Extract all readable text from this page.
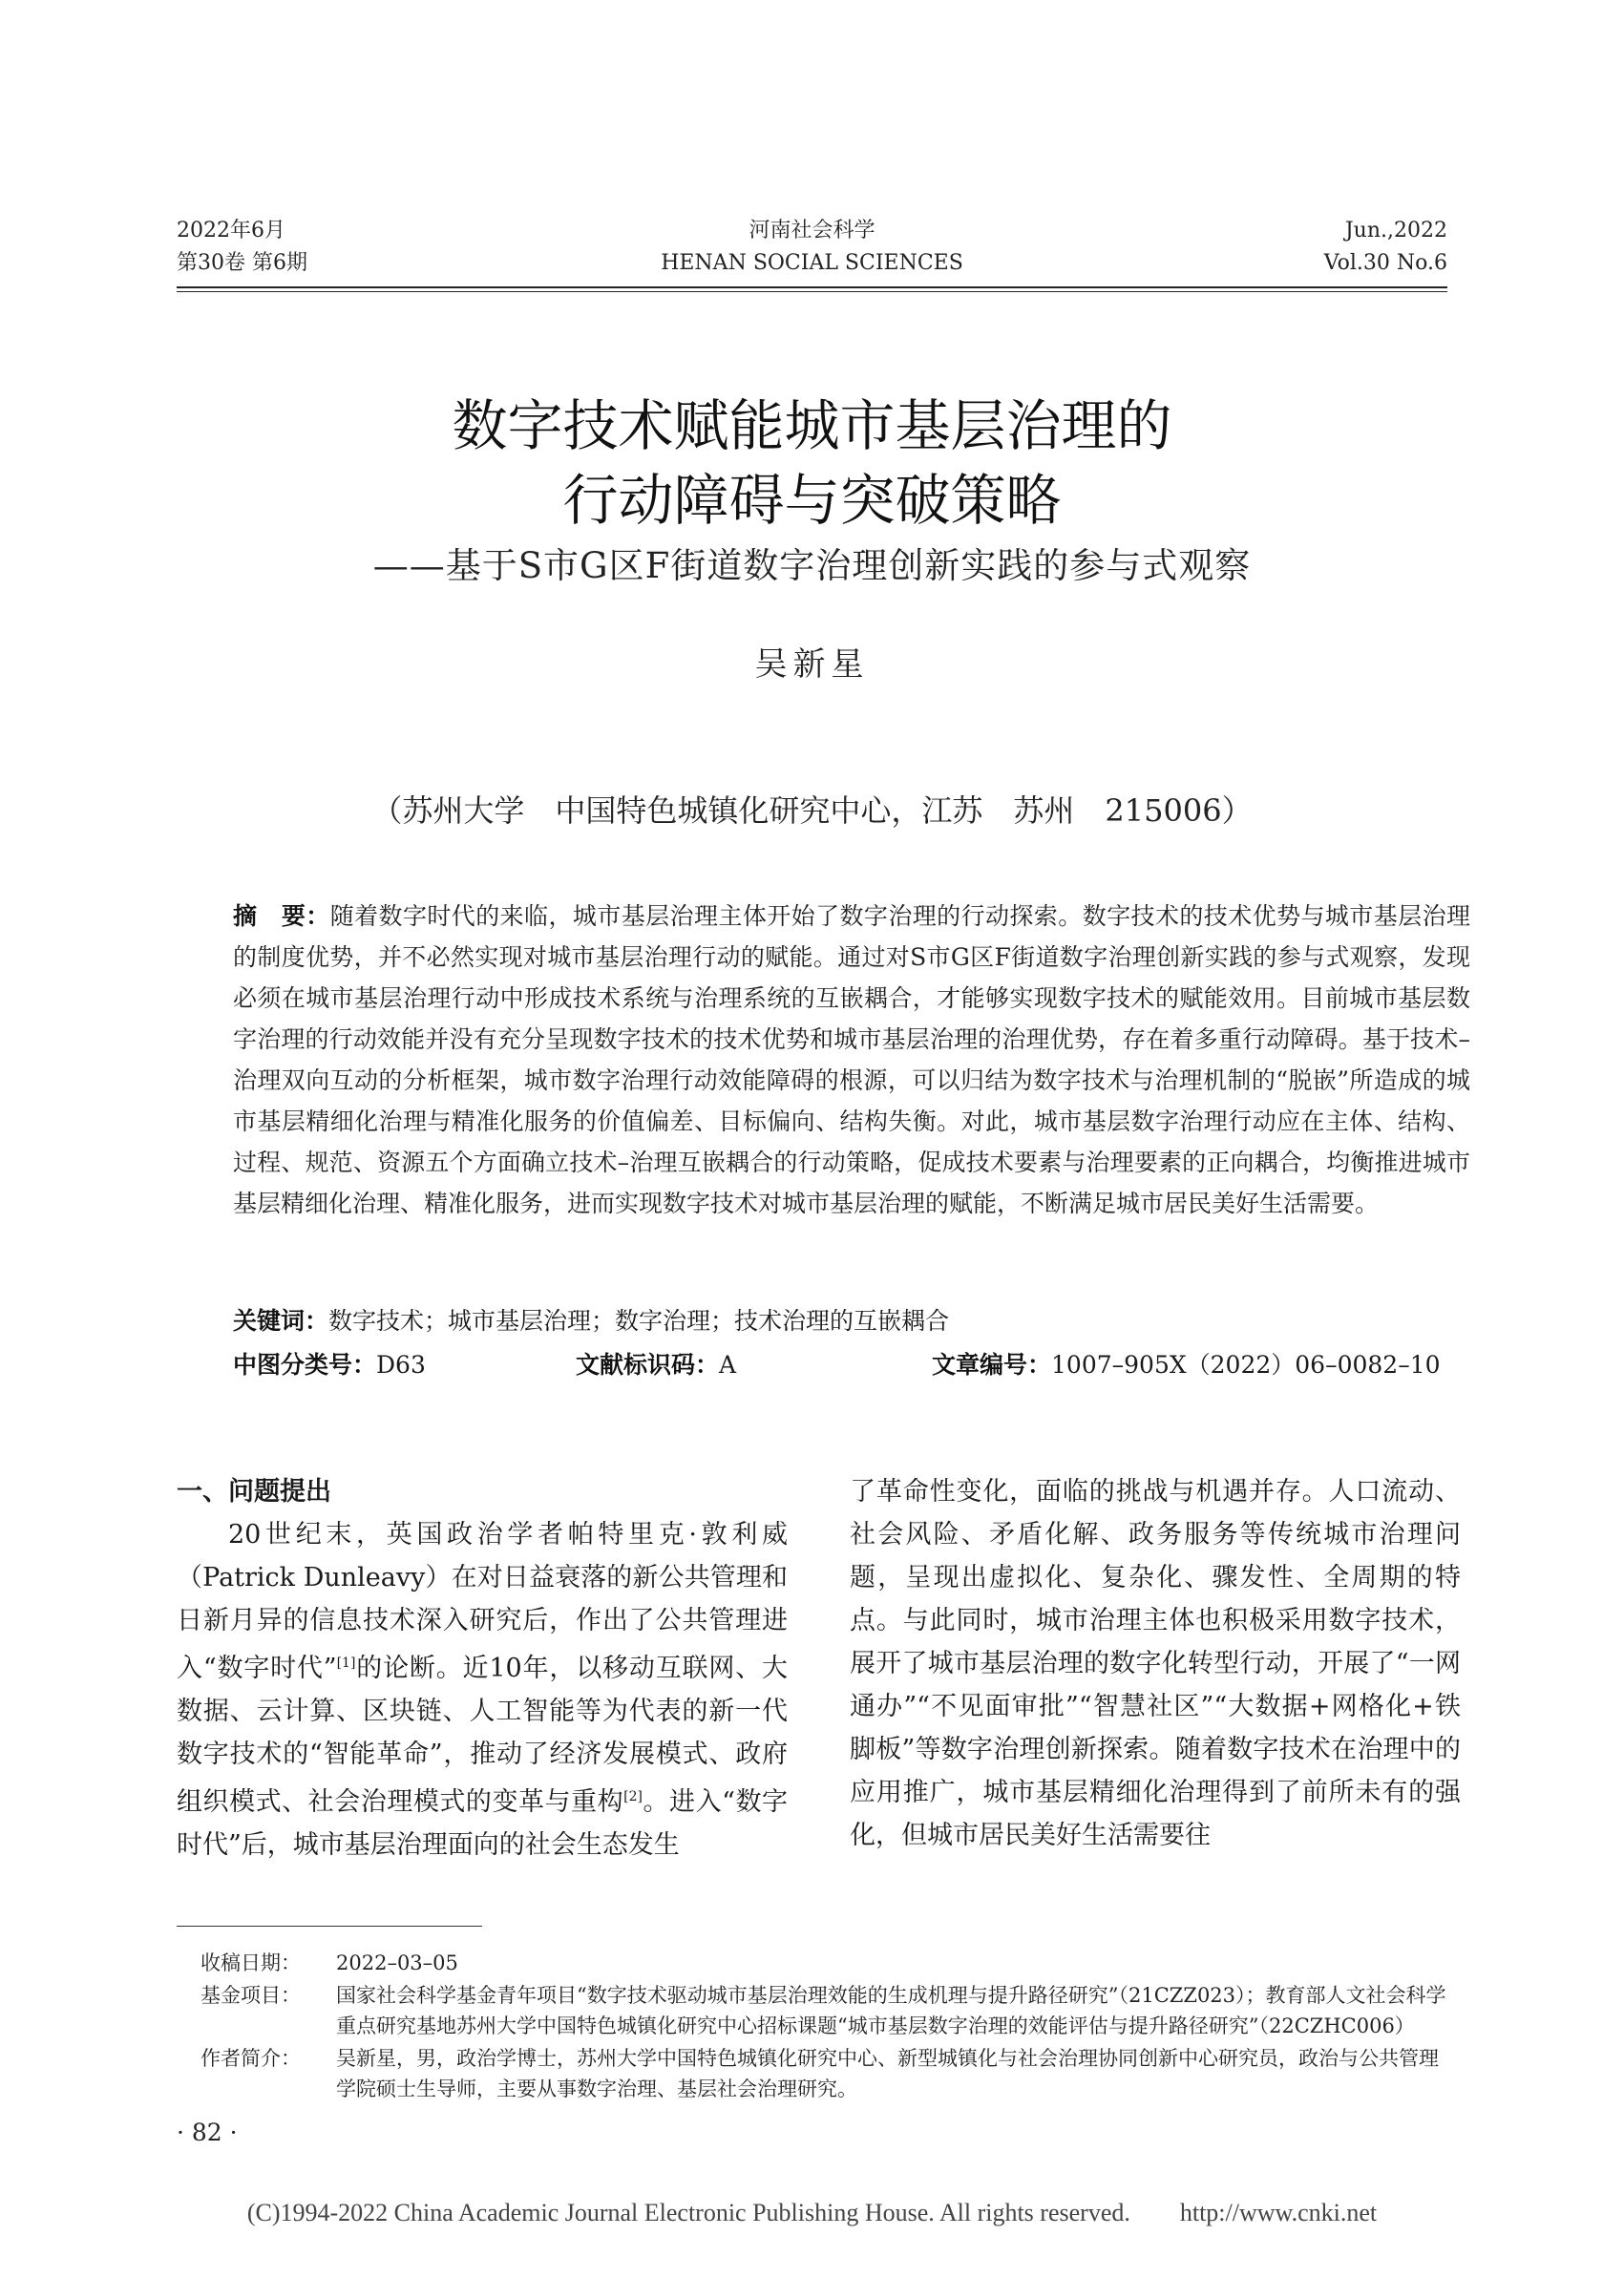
2022年6月
第30卷 第6期
河南社会科学
HENAN SOCIAL SCIENCES
Jun.,2022
Vol.30 No.6
数字技术赋能城市基层治理的
行动障碍与突破策略
——基于S市G区F街道数字治理创新实践的参与式观察
吴新星
（苏州大学　中国特色城镇化研究中心，江苏　苏州　215006）
摘　要：随着数字时代的来临，城市基层治理主体开始了数字治理的行动探索。数字技术的技术优势与城市基层治理的制度优势，并不必然实现对城市基层治理行动的赋能。通过对S市G区F街道数字治理创新实践的参与式观察，发现必须在城市基层治理行动中形成技术系统与治理系统的互嵌耦合，才能够实现数字技术的赋能效用。目前城市基层数字治理的行动效能并没有充分呈现数字技术的技术优势和城市基层治理的治理优势，存在着多重行动障碍。基于技术–治理双向互动的分析框架，城市数字治理行动效能障碍的根源，可以归结为数字技术与治理机制的“脱嵌”所造成的城市基层精细化治理与精准化服务的价值偏差、目标偏向、结构失衡。对此，城市基层数字治理行动应在主体、结构、过程、规范、资源五个方面确立技术–治理互嵌耦合的行动策略，促成技术要素与治理要素的正向耦合，均衡推进城市基层精细化治理、精准化服务，进而实现数字技术对城市基层治理的赋能，不断满足城市居民美好生活需要。
关键词：数字技术；城市基层治理；数字治理；技术治理的互嵌耦合
中图分类号：D63	文献标识码：A	文章编号：1007–905X（2022）06–0082–10

一、问题提出

20世纪末，英国政治学者帕特里克·敦利威（Patrick Dunleavy）在对日益衰落的新公共管理和日新月异的信息技术深入研究后，作出了公共管理进入“数字时代”[1]的论断。近10年，以移动互联网、大数据、云计算、区块链、人工智能等为代表的新一代数字技术的“智能革命”，推动了经济发展模式、政府组织模式、社会治理模式的变革与重构[2]。进入“数字时代”后，城市基层治理面向的社会生态发生

了革命性变化，面临的挑战与机遇并存。人口流动、社会风险、矛盾化解、政务服务等传统城市治理问题，呈现出虚拟化、复杂化、骤发性、全周期的特点。与此同时，城市治理主体也积极采用数字技术，展开了城市基层治理的数字化转型行动，开展了“一网通办”“不见面审批”“智慧社区”“大数据+网格化+铁脚板”等数字治理创新探索。随着数字技术在治理中的应用推广，城市基层精细化治理得到了前所未有的强化，但城市居民美好生活需要往

收稿日期：	2022–03–05
基金项目：	国家社会科学基金青年项目“数字技术驱动城市基层治理效能的生成机理与提升路径研究”（21CZZ023）；教育部人文社会科学重点研究基地苏州大学中国特色城镇化研究中心招标课题“城市基层数字治理的效能评估与提升路径研究”（22CZHC006）
作者简介：	吴新星，男，政治学博士，苏州大学中国特色城镇化研究中心、新型城镇化与社会治理协同创新中心研究员，政治与公共管理学院硕士生导师，主要从事数字治理、基层社会治理研究。
· 82 ·
(C)1994-2022 China Academic Journal Electronic Publishing House. All rights reserved.　　http://www.cnki.net
